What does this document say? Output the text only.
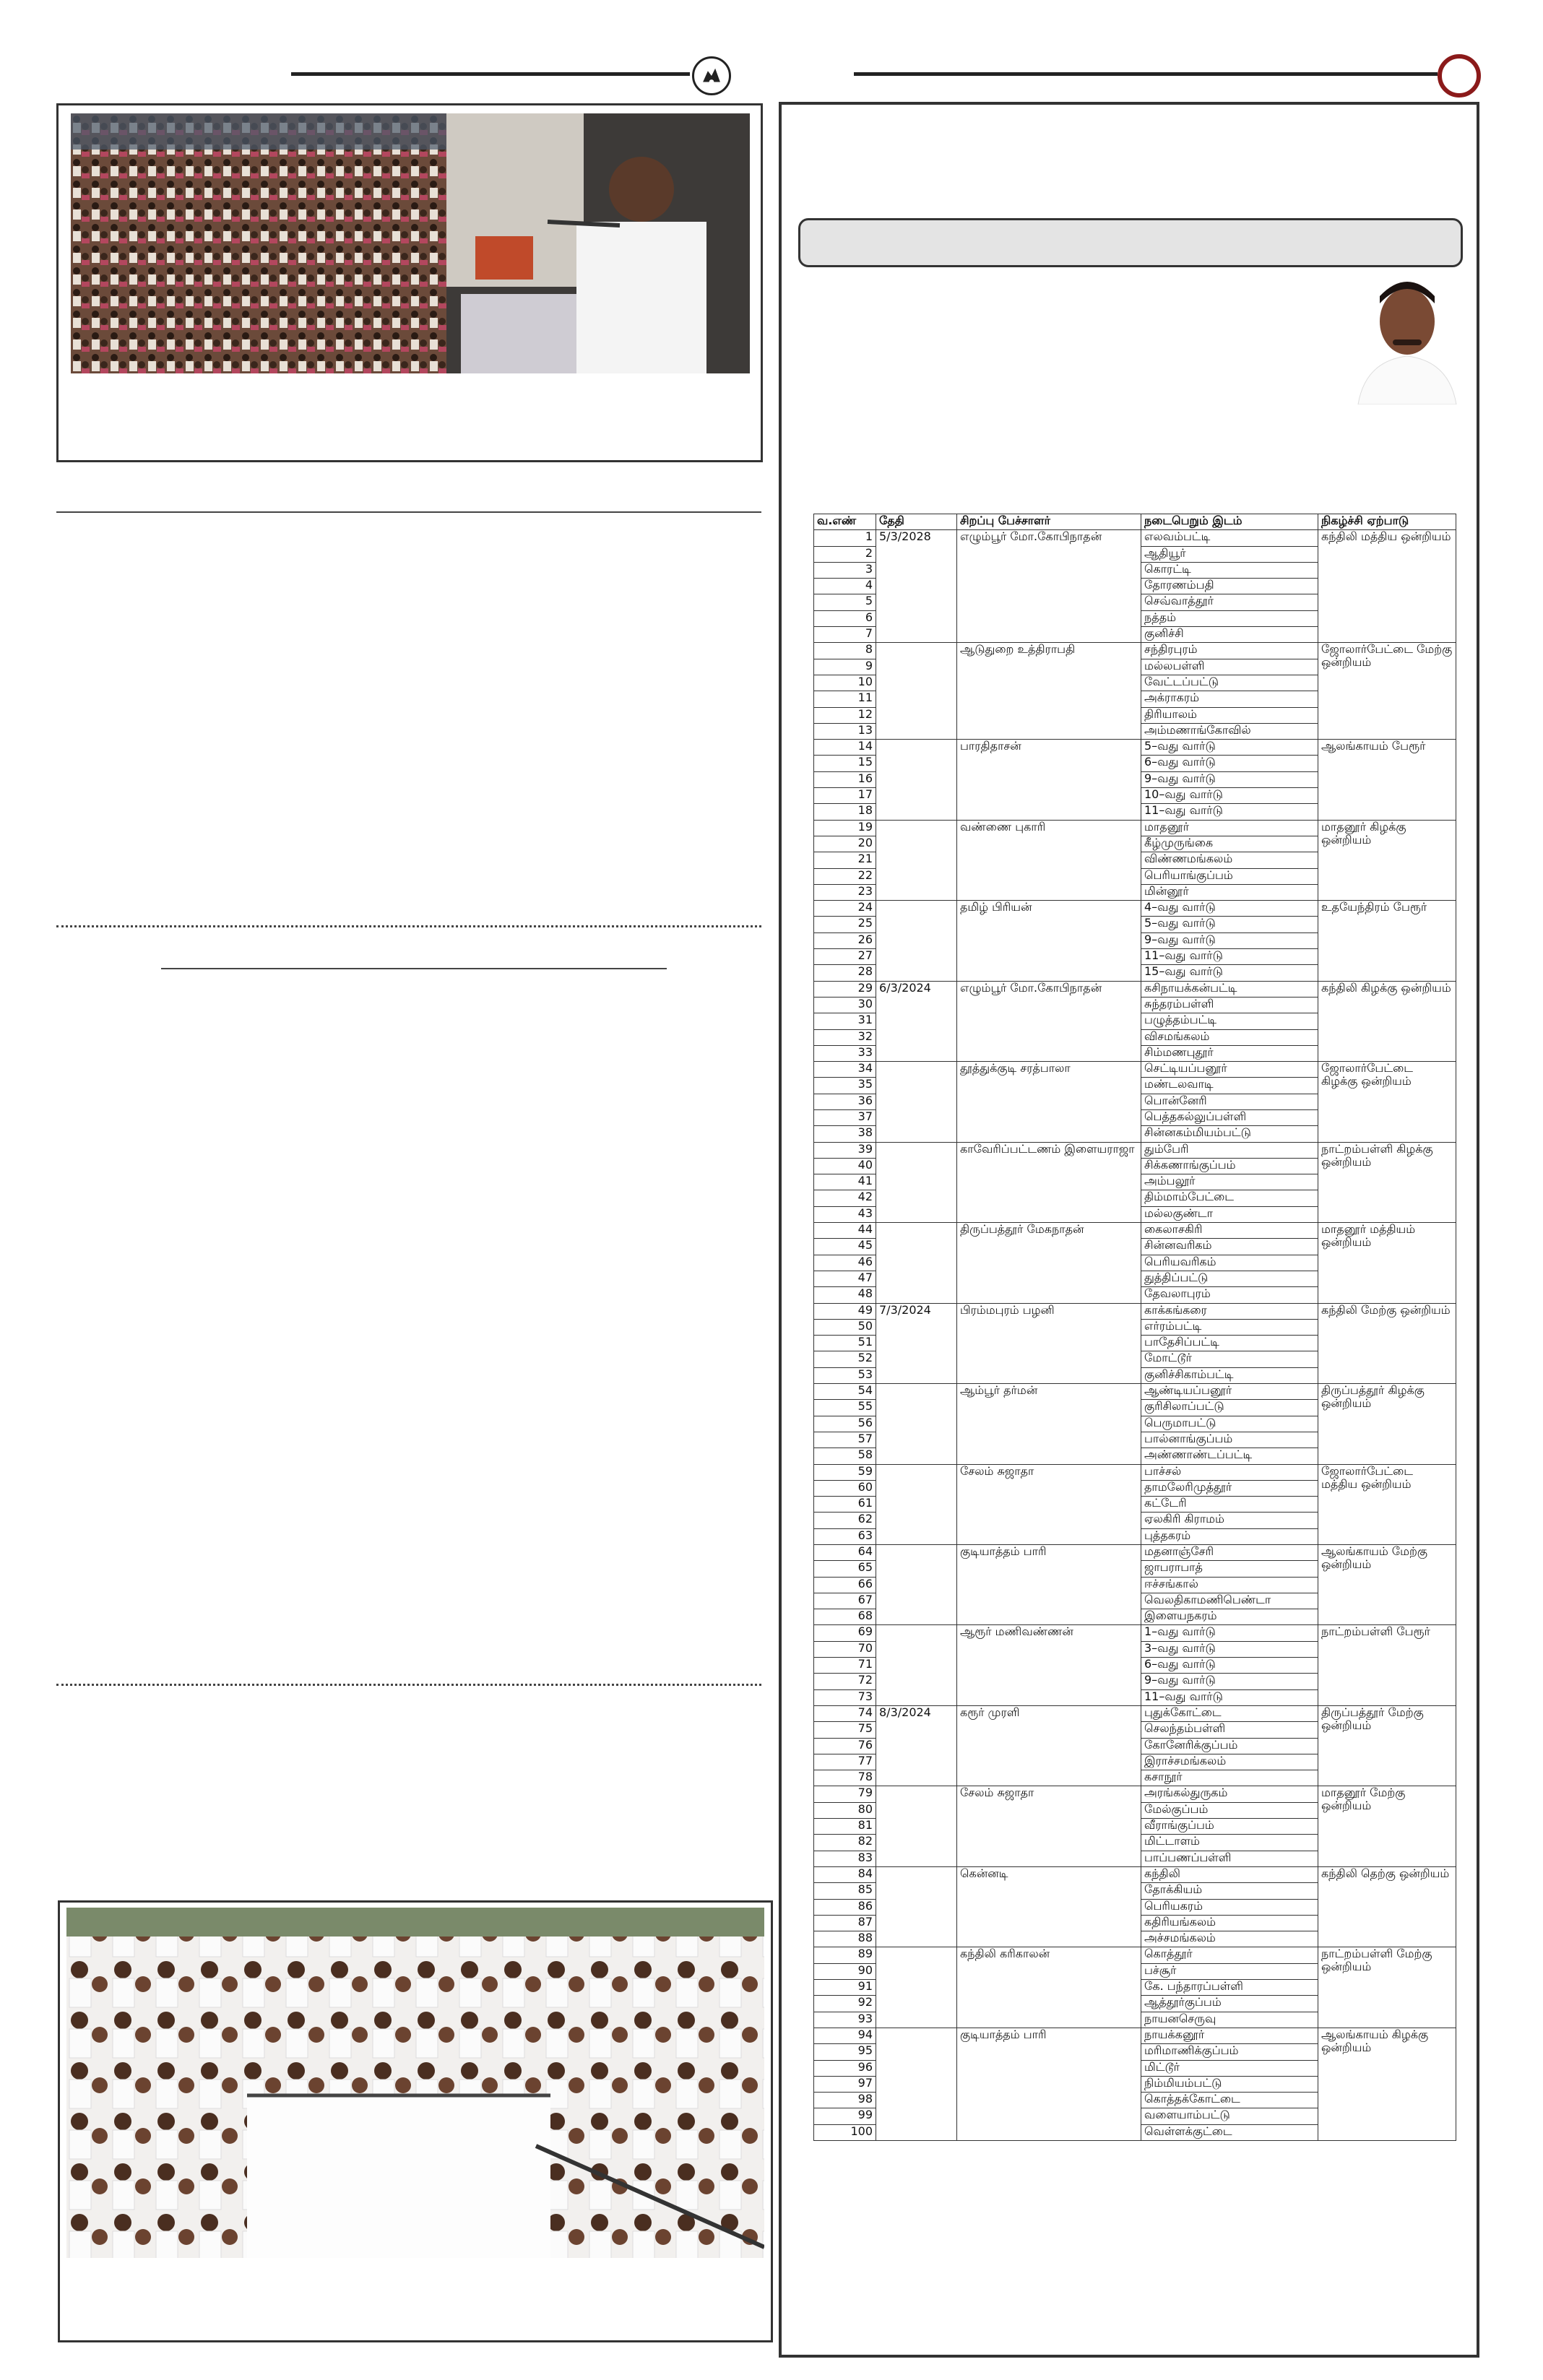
வ.எண்	தேதி	சிறப்பு பேச்சாளர்	நடைபெறும் இடம்	நிகழ்ச்சி ஏற்பாடு
1	5/3/2028	எழும்பூர் மோ.கோபிநாதன்	எலவம்பட்டி	கந்திலி மத்திய ஒன்றியம்
2			ஆதியூர்	
3			கொரட்டி	
4			தோரணம்பதி	
5			செவ்வாத்தூர்	
6			நத்தம்	
7			குனிச்சி	
8		ஆடுதுறை உத்திராபதி	சந்திரபுரம்	ஜோலார்பேட்டை மேற்கு ஒன்றியம்
9			மல்லபள்ளி	
10			வேட்டப்பட்டு	
11			அக்ராகரம்	
12			திரியாலம்	
13			அம்மணாங்கோவில்	
14		பாரதிதாசன்	5–வது வார்டு	ஆலங்காயம் பேரூர்
15			6–வது வார்டு	
16			9–வது வார்டு	
17			10–வது வார்டு	
18			11–வது வார்டு	
19		வண்ணை புகாரி	மாதனூர்	மாதனூர் கிழக்கு ஒன்றியம்
20			கீழ்முருங்கை	
21			விண்ணமங்கலம்	
22			பெரியாங்குப்பம்	
23			மின்னூர்	
24		தமிழ் பிரியன்	4–வது வார்டு	உதயேந்திரம் பேரூர்
25			5–வது வார்டு	
26			9–வது வார்டு	
27			11–வது வார்டு	
28			15–வது வார்டு	
29	6/3/2024	எழும்பூர் மோ.கோபிநாதன்	கசிநாயக்கன்பட்டி	கந்திலி கிழக்கு ஒன்றியம்
30			சுந்தரம்பள்ளி	
31			பழுத்தம்பட்டி	
32			விசமங்கலம்	
33			சிம்மணபுதூர்	
34		தூத்துக்குடி சரத்பாலா	செட்டியப்பனூர்	ஜோலார்பேட்டை கிழக்கு ஒன்றியம்
35			மண்டலவாடி	
36			பொன்னேரி	
37			பெத்தகல்லுப்பள்ளி	
38			சின்னகம்மியம்பட்டு	
39		காவேரிப்பட்டணம் இளையராஜா	தும்பேரி	நாட்றம்பள்ளி கிழக்கு ஒன்றியம்
40			சிக்கணாங்குப்பம்	
41			அம்பலூர்	
42			திம்மாம்பேட்டை	
43			மல்லகுண்டா	
44		திருப்பத்தூர் மேகநாதன்	கைலாசகிரி	மாதனூர் மத்தியம் ஒன்றியம்
45			சின்னவரிகம்	
46			பெரியவரிகம்	
47			துத்திப்பட்டு	
48			தேவலாபுரம்	
49	7/3/2024	பிரம்மபுரம் பழனி	காக்கங்கரை	கந்திலி மேற்கு ஒன்றியம்
50			எர்ரம்பட்டி	
51			பாதேசிப்பட்டி	
52			மோட்டூர்	
53			குனிச்சிகாம்பட்டி	
54		ஆம்பூர் தர்மன்	ஆண்டியப்பனூர்	திருப்பத்தூர் கிழக்கு ஒன்றியம்
55			குரிசிலாப்பட்டு	
56			பெருமாபட்டு	
57			பால்னாங்குப்பம்	
58			அண்ணாண்டப்பட்டி	
59		சேலம் சுஜாதா	பாச்சல்	ஜோலார்பேட்டை மத்திய ஒன்றியம்
60			தாமலேரிமுத்தூர்	
61			கட்டேரி	
62			ஏலகிரி கிராமம்	
63			புத்தகரம்	
64		குடியாத்தம் பாரி	மதனாஞ்சேரி	ஆலங்காயம் மேற்கு ஒன்றியம்
65			ஜாபராபாத்	
66			ஈச்சங்கால்	
67			வெலதிகாமணிபெண்டா	
68			இளையநகரம்	
69		ஆரூர் மணிவண்ணன்	1–வது வார்டு	நாட்றம்பள்ளி பேரூர்
70			3–வது வார்டு	
71			6–வது வார்டு	
72			9–வது வார்டு	
73			11–வது வார்டு	
74	8/3/2024	கரூர் முரளி	புதுக்கோட்டை	திருப்பத்தூர் மேற்கு ஒன்றியம்
75			செலந்தம்பள்ளி	
76			கோனேரிக்குப்பம்	
77			இராச்சமங்கலம்	
78			கசாநூர்	
79		சேலம் சுஜாதா	அரங்கல்துருகம்	மாதனூர் மேற்கு ஒன்றியம்
80			மேல்குப்பம்	
81			வீராங்குப்பம்	
82			மிட்டாளம்	
83			பாப்பணப்பள்ளி	
84		கென்னடி	கந்திலி	கந்திலி தெற்கு ஒன்றியம்
85			தோக்கியம்	
86			பெரியகரம்	
87			கதிரியங்கலம்	
88			அச்சமங்கலம்	
89		கந்திலி கரிகாலன்	கொத்தூர்	நாட்றம்பள்ளி மேற்கு ஒன்றியம்
90			பச்சூர்	
91			கே. பந்தாரப்பள்ளி	
92			ஆத்தூர்குப்பம்	
93			நாயனசெருவு	
94		குடியாத்தம் பாரி	நாயக்கனூர்	ஆலங்காயம் கிழக்கு ஒன்றியம்
95			மரிமாணிக்குப்பம்	
96			மிட்டூர்	
97			நிம்மியம்பட்டு	
98			கொத்தக்கோட்டை	
99			வளையாம்பட்டு	
100			வெள்ளக்குட்டை	
